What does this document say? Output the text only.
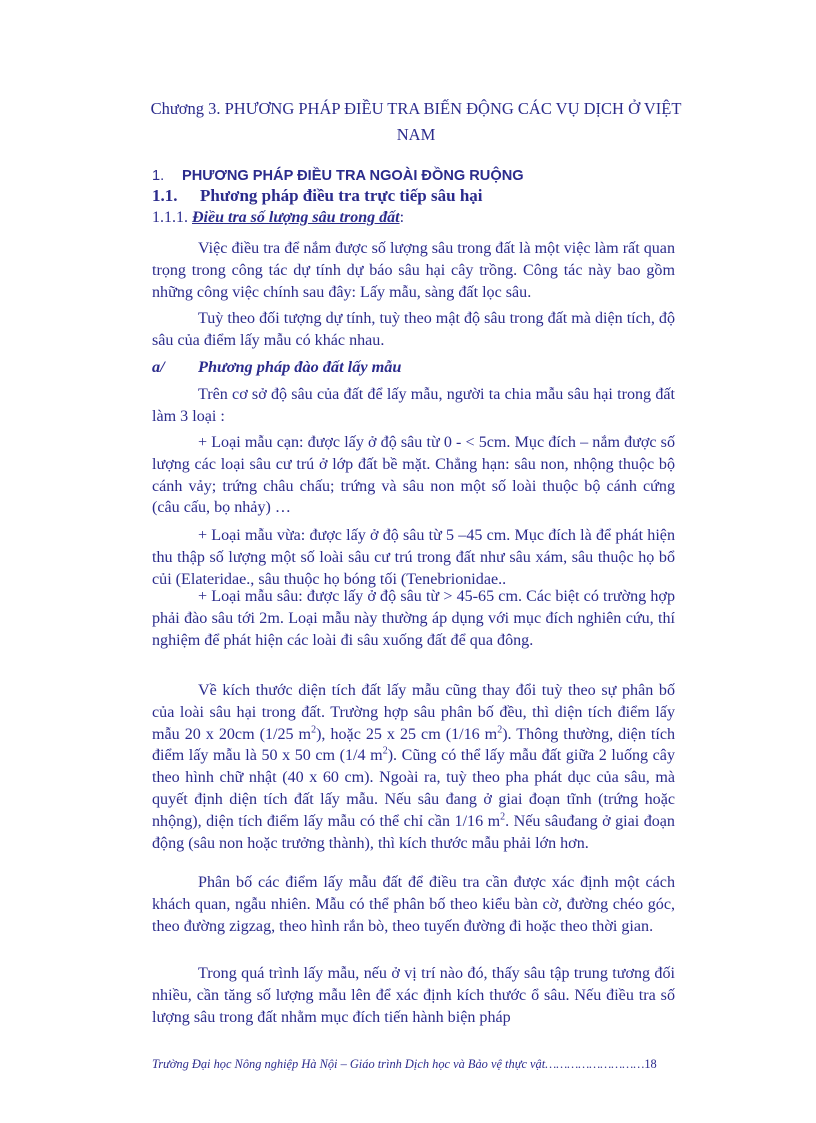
Chương 3. PHƯƠNG PHÁP ĐIỀU TRA BIẾN ĐỘNG CÁC VỤ DỊCH Ở VIỆT NAM
1. PHƯƠNG PHÁP ĐIỀU TRA NGOÀI ĐỒNG RUỘNG
1.1. Phương pháp điều tra trực tiếp sâu hại
1.1.1. Điều tra số lượng sâu trong đất:

Việc điều tra để nắm được số lượng sâu trong đất là một việc làm rất quan trọng trong công tác dự tính dự báo sâu hại cây trồng. Công tác này bao gồm những công việc chính sau đây: Lấy mẫu, sàng đất lọc sâu.

Tuỳ theo đối tượng dự tính, tuỳ theo mật độ sâu trong đất mà diện tích, độ sâu của điểm lấy mẫu có khác nhau.

a/ Phương pháp đào đất lấy mẫu

Trên cơ sở độ sâu của đất để lấy mẫu, người ta chia mẫu sâu hại trong đất làm 3 loại :

+ Loại mẫu cạn: được lấy ở độ sâu từ 0 - < 5cm. Mục đích – nắm được số lượng các loại sâu cư trú ở lớp đất bề mặt. Chẳng hạn: sâu non, nhộng thuộc bộ cánh vảy; trứng châu chấu; trứng và sâu non một số loài thuộc bộ cánh cứng (câu cấu, bọ nhảy) …

+ Loại mẫu vừa: được lấy ở độ sâu từ 5 –45 cm. Mục đích là để phát hiện thu thập số lượng một số loài sâu cư trú trong đất như sâu xám, sâu thuộc họ bổ củi (Elateridae., sâu thuộc họ bóng tối (Tenebrionidae..

+ Loại mẫu sâu: được lấy ở độ sâu từ > 45-65 cm. Các biệt có trường hợp phải đào sâu tới 2m. Loại mẫu này thường áp dụng với mục đích nghiên cứu, thí nghiệm để phát hiện các loài đi sâu xuống đất để qua đông.

Về kích thước diện tích đất lấy mẫu cũng thay đổi tuỳ theo sự phân bố của loài sâu hại trong đất. Trường hợp sâu phân bố đều, thì diện tích điểm lấy mẫu 20 x 20cm (1/25 $m^2$), hoặc 25 x 25 cm (1/16 $m^2$). Thông thường, diện tích điểm lấy mẫu là 50 x 50 cm (1/4 $m^2$). Cũng có thể lấy mẫu đất giữa 2 luống cây theo hình chữ nhật (40 x 60 cm). Ngoài ra, tuỳ theo pha phát dục của sâu, mà quyết định diện tích đất lấy mẫu. Nếu sâu đang ở giai đoạn tĩnh (trứng hoặc nhộng), diện tích điểm lấy mẫu có thể chỉ cần 1/16 $m^2$. Nếu sâuđang ở giai đoạn động (sâu non hoặc trưởng thành), thì kích thước mẫu phải lớn hơn.

Phân bố các điểm lấy mẫu đất để điều tra cần được xác định một cách khách quan, ngẫu nhiên. Mẫu có thể phân bố theo kiểu bàn cờ, đường chéo góc, theo đường zigzag, theo hình rắn bò, theo tuyến đường đi hoặc theo thời gian.

Trong quá trình lấy mẫu, nếu ở vị trí nào đó, thấy sâu tập trung tương đối nhiều, cần tăng số lượng mẫu lên để xác định kích thước ổ sâu. Nếu điều tra số lượng sâu trong đất nhằm mục đích tiến hành biện pháp

Trường Đại học Nông nghiệp Hà Nội – Giáo trình Dịch học và Bảo vệ thực vật………………………18
